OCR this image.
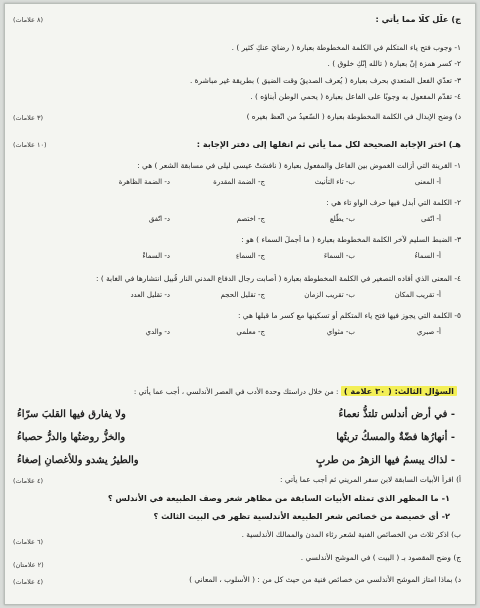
ج) علّل كلًّا مما يأتي :
(٨ علامات)
١- وجوب فتح ياء المتكلم في الكلمة المخطوطة بعبارة ( رضايَ عنكِ كثير ) .
٢- كسر همزة إنّ بعبارة ( تالله إنّكِ خلوق ) .
٣- تعدّي الفعل المتعدي بحرف بعبارة ( يُعرف الصديقُ وقت الضيق ) بطريقة غير مباشرة .
٤- تقدّم المفعول به وجوبًا على الفاعل بعبارة ( يحمي الوطن أبناؤه ) .
د) وضح الإبدال في الكلمة المخطوطة بعبارة ( السّعيدُ من اتّعظ بغيره )
(٣ علامات)
هـ) اختر الإجابة الصحيحة لكل مما يأتي ثم انقلها إلى دفتر الإجابة :
(١٠ علامات)
١- القرينة التي أزالت الغموض بين الفاعل والمفعول بعبارة ( نافسَتْ عيسى ليلى في مسابقة الشعر ) هي :
أ- المعنى
ب- تاء التأنيث
ج- الضمة المقدرة
د- الضمة الظاهرة
٢- الكلمة التي أبدل فيها حرف الواو تاء هي :
أ- اتّقى
ب- يطّلع
ج- اختصم
د- اتّفق
٣- الضبط السليم لآخر الكلمة المخطوطة بعبارة ( ما أجملَ السماء ) هو :
أ- السماءُ
ب- السماءَ
ج- السماءِ
د- السماءْ
٤- المعنى الذي أفاده التصغير في الكلمة المخطوطة بعبارة ( أصابت رجال الدفاع المدني النار قُبيل انتشارها في الغابة ) :
أ- تقريب المكان
ب- تقريب الزمان
ج- تقليل الحجم
د- تقليل العدد
٥- الكلمة التي يجوز فيها فتح ياء المتكلم أو تسكينها مع كسر ما قبلها هي :
أ- صبري
ب- مثواي
ج- معلمي
د- والدي
السؤال الثالث: ( ٣٠ علامة ) : من خلال دراستك وحدة الأدب في العصر الأندلسي ، أجب عما يأتي :
- في أرض أندلس تلتذُّ نعماءُ
ولا يفارق فيها القلبَ سرّاءُ
- أنهارُها فضّةٌ والمسكُ تربتُها
والخزُّ روضتُها والدرُّ حصباءُ
- لذاك يبسمُ فيها الزهرُ من طربٍ
والطيرُ يشدو وللأغصانِ إصغاءُ
أ) اقرأ الأبيات السابقة لابن سفر المريني ثم أجب عما يأتي :
(٤ علامات)
١- ما المظهر الذي تمثله الأبيات السابقة من مظاهر شعر وصف الطبيعة في الأندلس ؟
٢- أي خصيصة من خصائص شعر الطبيعة الأندلسية تظهر في البيت الثالث ؟
ب) اذكر ثلاث من الخصائص الفنية لشعر رثاء المدن والممالك الأندلسية .
(٦ علامات)
ج) وضح المقصود بـ ( البيت ) في الموشح الأندلسي .
(٢ علامتان)
د) بماذا امتاز الموشح الأندلسي من خصائص فنية من حيث كل من : ( الأسلوب ، المعاني )
(٤ علامات)
